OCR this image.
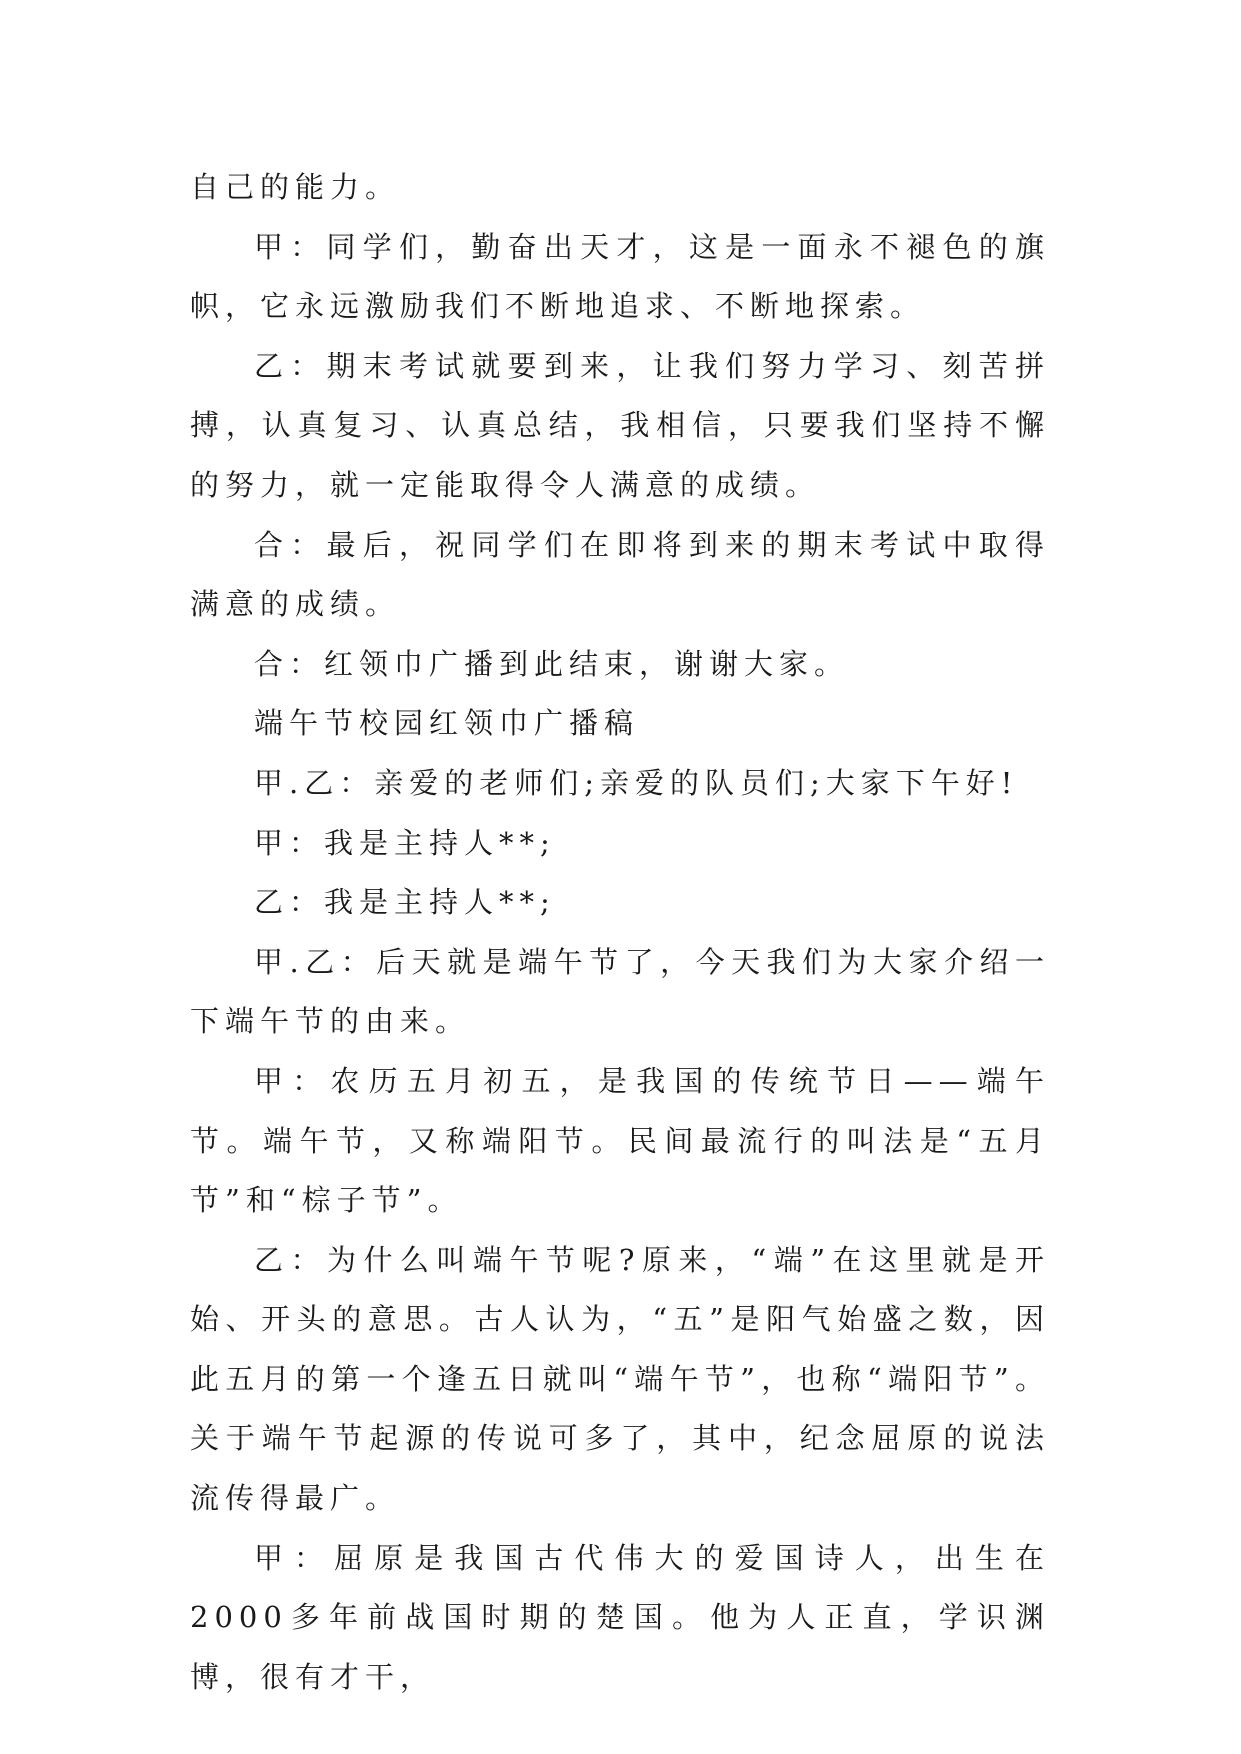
自己的能力。

甲：同学们，勤奋出天才，这是一面永不褪色的旗帜，它永远激励我们不断地追求、不断地探索。

乙：期末考试就要到来，让我们努力学习、刻苦拼搏，认真复习、认真总结，我相信，只要我们坚持不懈的努力，就一定能取得令人满意的成绩。

合：最后，祝同学们在即将到来的期末考试中取得满意的成绩。

合：红领巾广播到此结束，谢谢大家。

端午节校园红领巾广播稿

甲.乙：亲爱的老师们;亲爱的队员们;大家下午好!

甲：我是主持人**;

乙：我是主持人**;

甲.乙：后天就是端午节了，今天我们为大家介绍一下端午节的由来。

甲：农历五月初五，是我国的传统节日——端午节。端午节，又称端阳节。民间最流行的叫法是“五月节”和“棕子节”。

乙：为什么叫端午节呢?原来，“端”在这里就是开始、开头的意思。古人认为，“五”是阳气始盛之数，因此五月的第一个逢五日就叫“端午节”，也称“端阳节”。关于端午节起源的传说可多了，其中，纪念屈原的说法流传得最广。

甲：屈原是我国古代伟大的爱国诗人，出生在2000多年前战国时期的楚国。他为人正直，学识渊博，很有才干，
